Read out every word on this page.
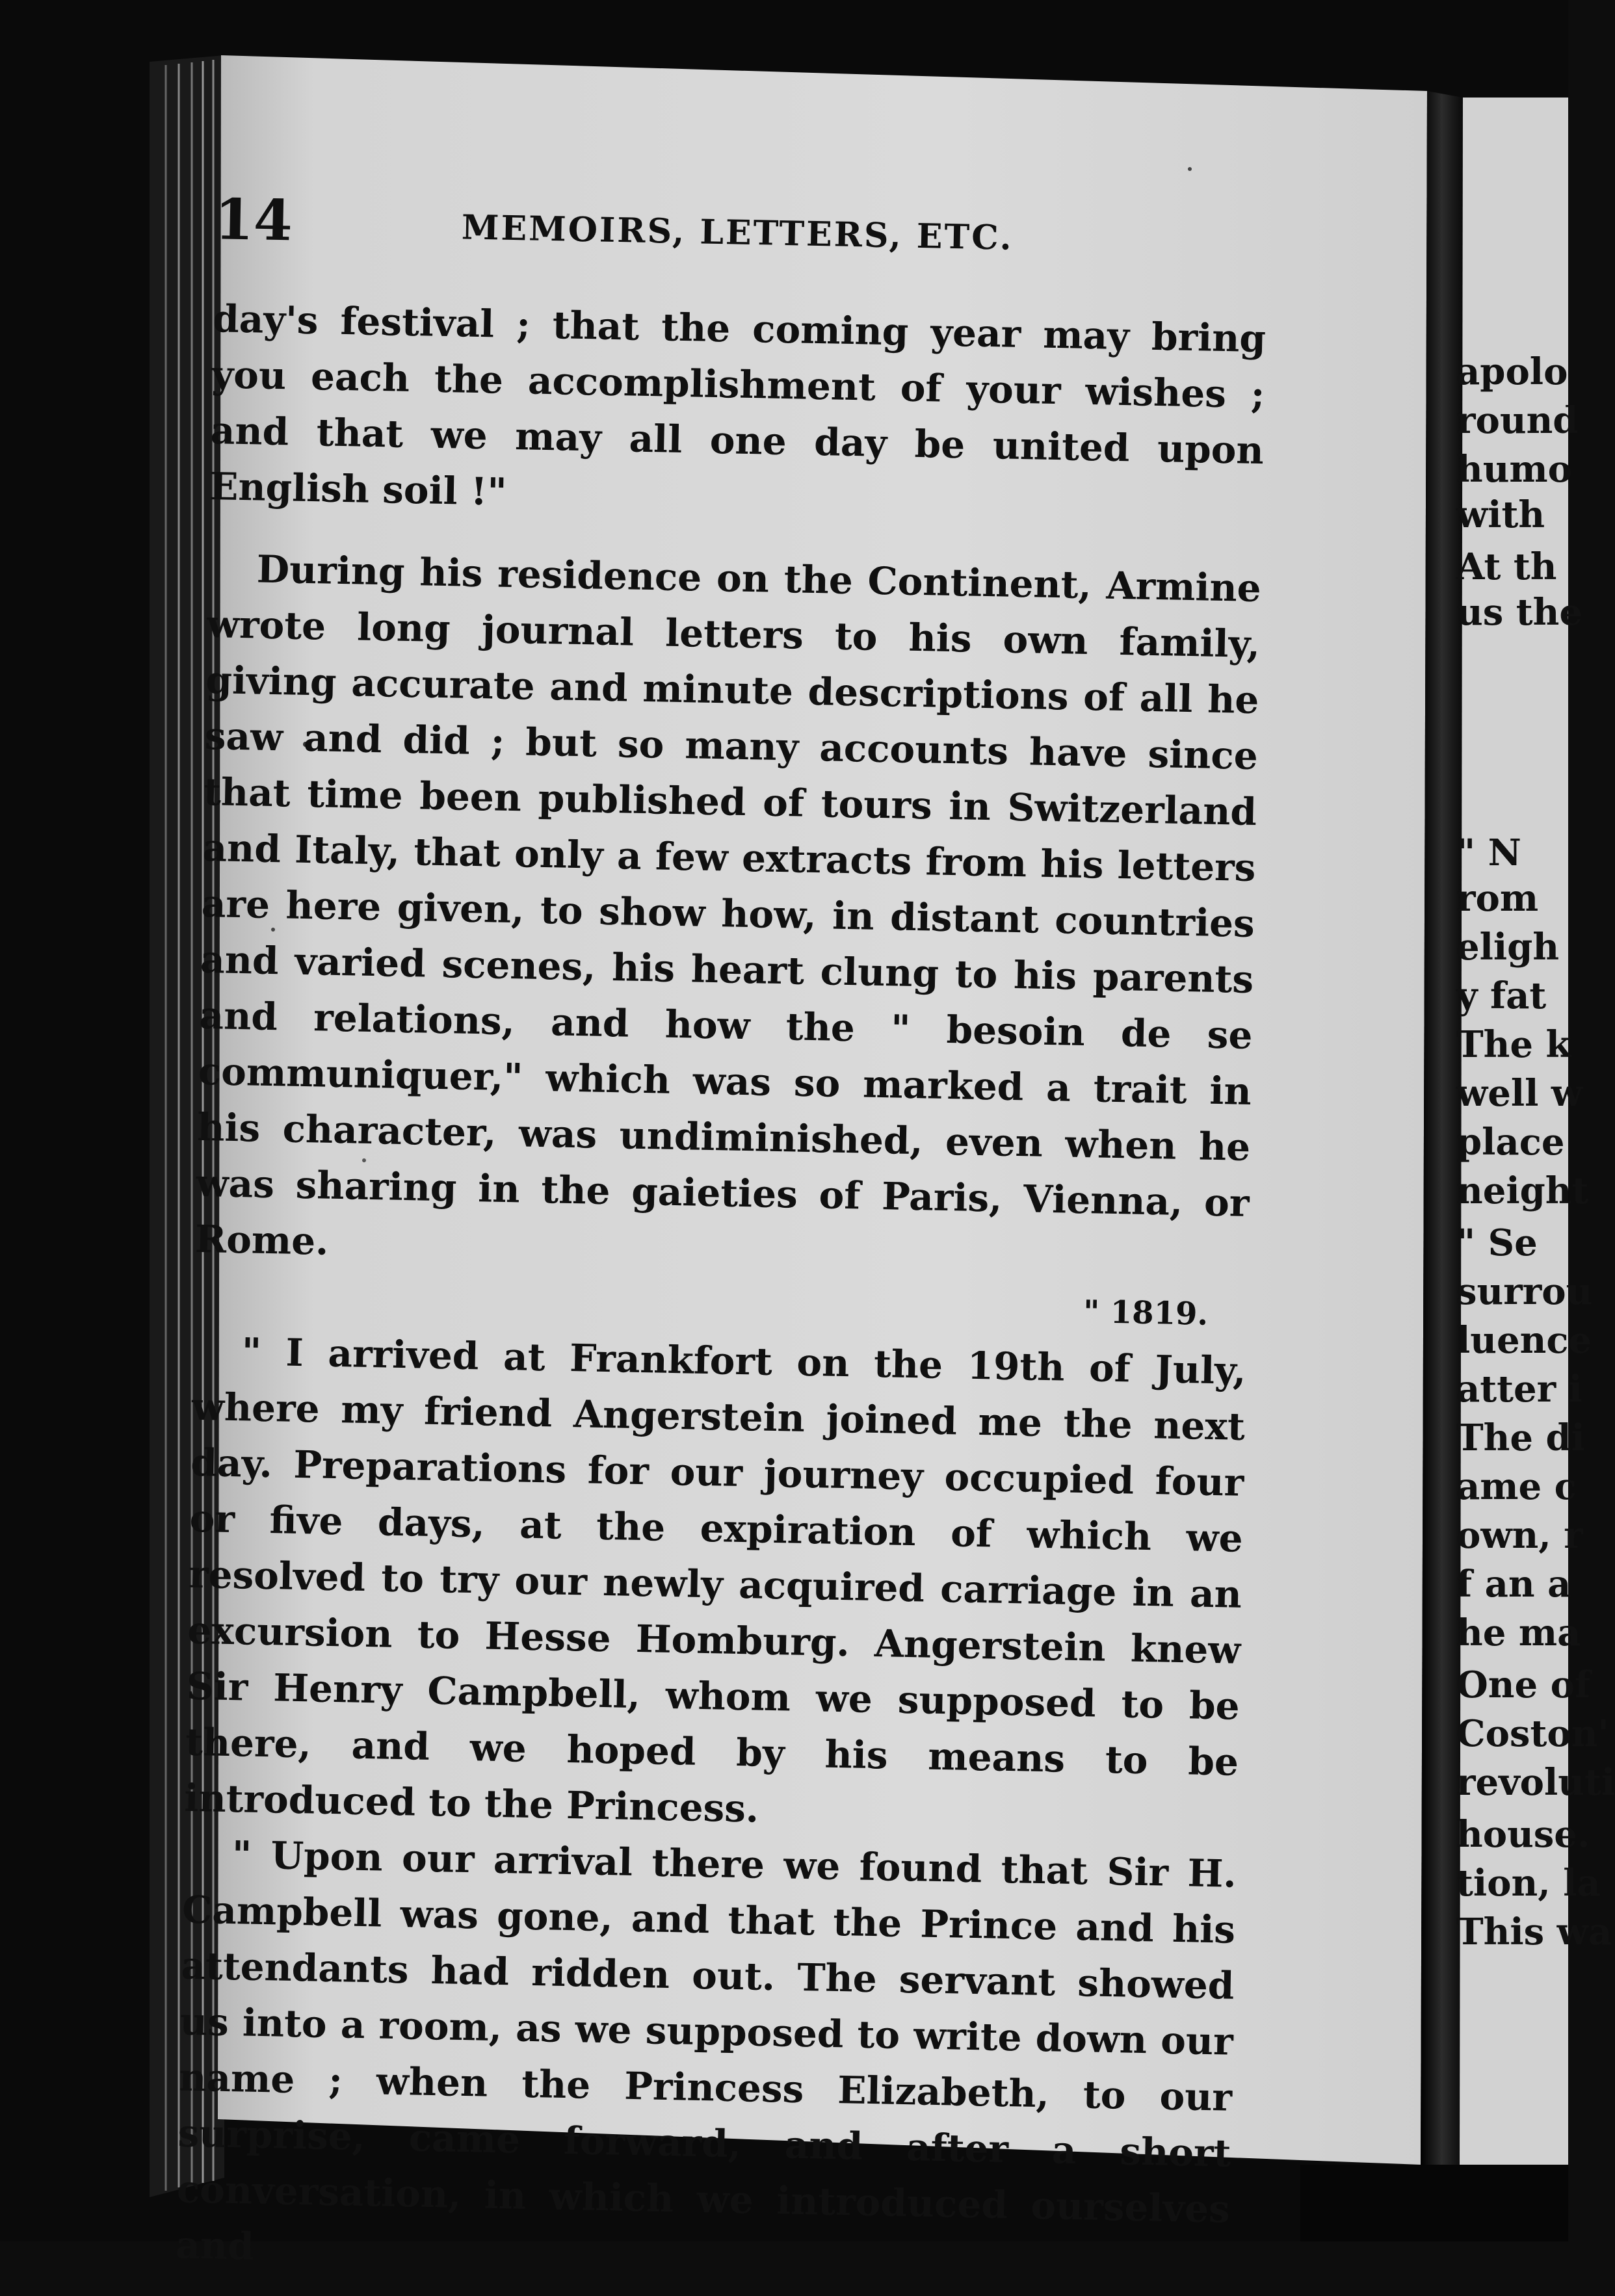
14	MEMOIRS, LETTERS, ETC.

day's festival ; that the coming year may bring you each the accomplishment of your wishes ; and that we may all one day be united upon English soil !"

During his residence on the Continent, Armine wrote long journal letters to his own family, giving accurate and minute descriptions of all he saw and did ; but so many accounts have since that time been published of tours in Switzerland and Italy, that only a few extracts from his letters are here given, to show how, in distant countries and varied scenes, his heart clung to his parents and relations, and how the " besoin de se communiquer," which was so marked a trait in his character, was undiminished, even when he was sharing in the gaieties of Paris, Vienna, or Rome.

" 1819.

" I arrived at Frankfort on the 19th of July, where my friend Angerstein joined me the next day. Preparations for our journey occupied four or five days, at the expiration of which we resolved to try our newly acquired carriage in an excursion to Hesse Homburg. Angerstein knew Sir Henry Campbell, whom we supposed to be there, and we hoped by his means to be introduced to the Princess.

" Upon our arrival there we found that Sir H. Campbell was gone, and that the Prince and his attendants had ridden out. The servant showed us into a room, as we supposed to write down our name ; when the Princess Elizabeth, to our surprise, came forward, and after a short conversation, in which we introduced ourselves and

apolo
round
humo
with
At th
us the
" N
rom
eligh
y fat
The k
well w
place
neight
" Se
surrou
luence
atter i
The di
ame c
own, r
f an a
he ma
One of
Coston'
revoluti
house.
tion, la
This wa
